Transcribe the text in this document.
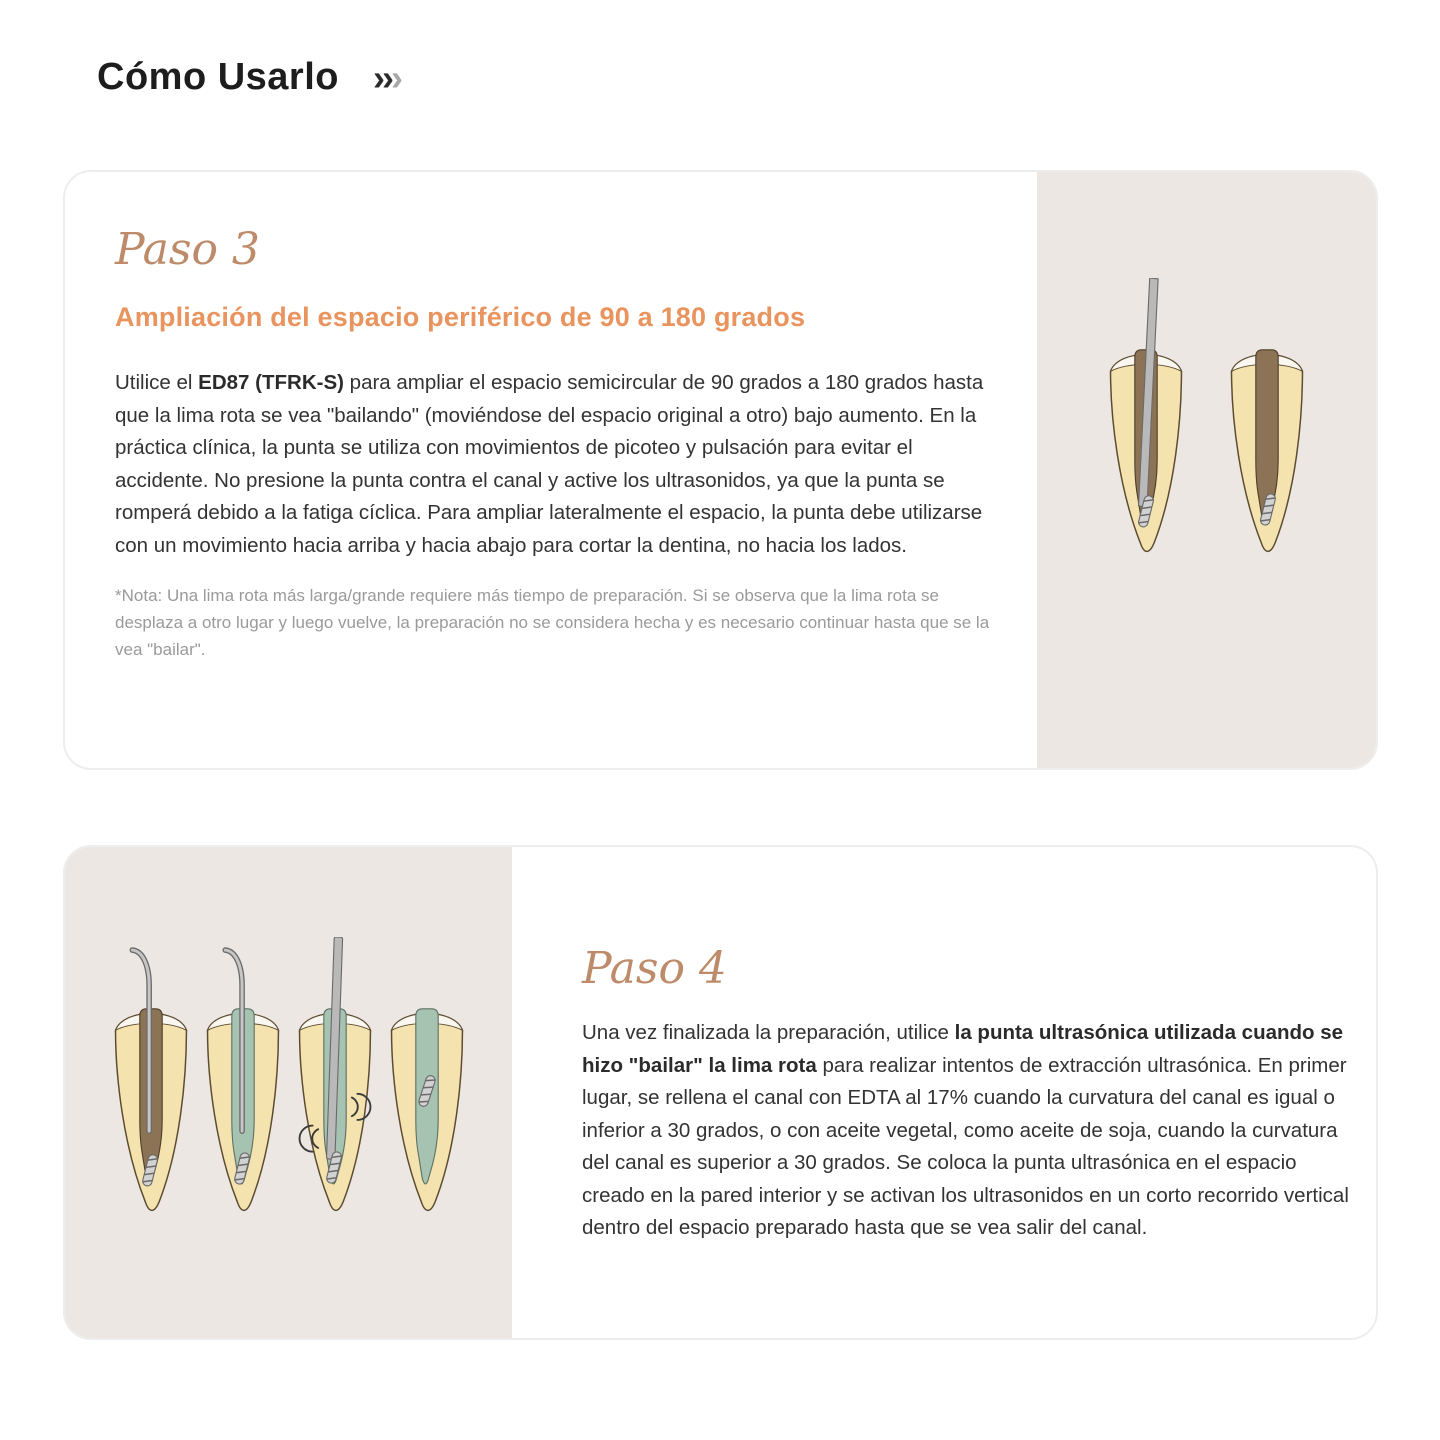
Cómo Usarlo ›
›
›
Paso 3
Ampliación del espacio periférico de 90 a 180 grados

Utilice el ED87 (TFRK-S) para ampliar el espacio semicircular de 90 grados a 180 grados hasta que la lima rota se vea "bailando" (moviéndose del espacio original a otro) bajo aumento. En la práctica clínica, la punta se utiliza con movimientos de picoteo y pulsación para evitar el accidente. No presione la punta contra el canal y active los ultrasonidos, ya que la punta se romperá debido a la fatiga cíclica. Para ampliar lateralmente el espacio, la punta debe utilizarse con un movimiento hacia arriba y hacia abajo para cortar la dentina, no hacia los lados.

*Nota: Una lima rota más larga/grande requiere más tiempo de preparación. Si se observa que la lima rota se desplaza a otro lugar y luego vuelve, la preparación no se considera hecha y es necesario continuar hasta que se la vea "bailar".

Paso 4

Una vez finalizada la preparación, utilice la punta ultrasónica utilizada cuando se hizo "bailar" la lima rota para realizar intentos de extracción ultrasónica. En primer lugar, se rellena el canal con EDTA al 17% cuando la curvatura del canal es igual o inferior a 30 grados, o con aceite vegetal, como aceite de soja, cuando la curvatura del canal es superior a 30 grados. Se coloca la punta ultrasónica en el espacio creado en la pared interior y se activan los ultrasonidos en un corto recorrido vertical dentro del espacio preparado hasta que se vea salir del canal.
